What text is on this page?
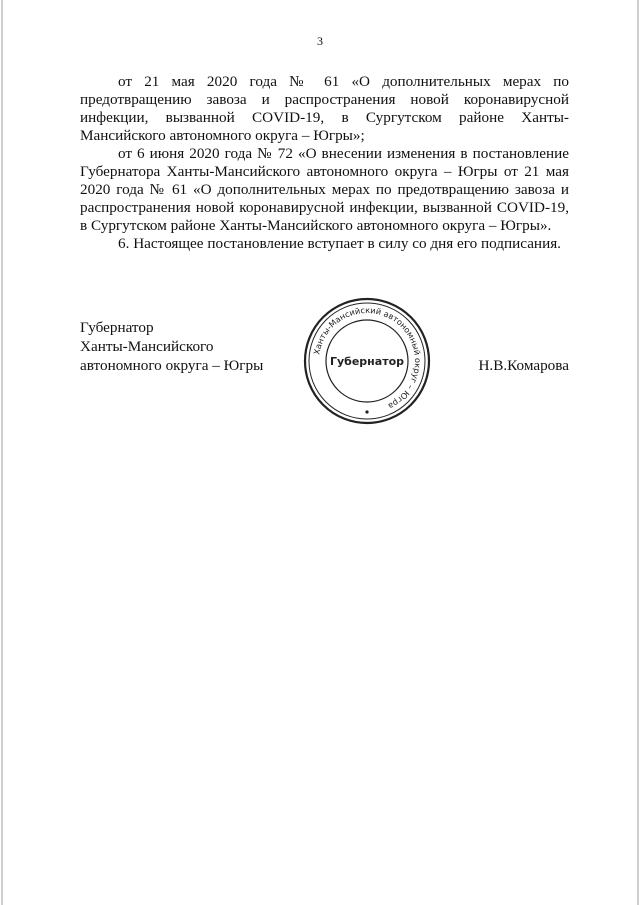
3

от 21 мая 2020 года № 61 «О дополнительных мерах по предотвращению завоза и распространения новой коронавирусной инфекции, вызванной COVID-19, в Сургутском районе Ханты-Мансийского автономного округа – Югры»;

от 6 июня 2020 года № 72 «О внесении изменения в постановление Губернатора Ханты-Мансийского автономного округа – Югры от 21 мая 2020 года № 61 «О дополнительных мерах по предотвращению завоза и распространения новой коронавирусной инфекции, вызванной COVID-19, в Сургутском районе Ханты-Мансийского автономного округа – Югры».

6. Настоящее постановление вступает в силу со дня его подписания.

Губернатор
Ханты-Мансийского
автономного округа – Югры
Ханты-Мансийский автономный округ – Югра
Губернатор	Н.В.Комарова
